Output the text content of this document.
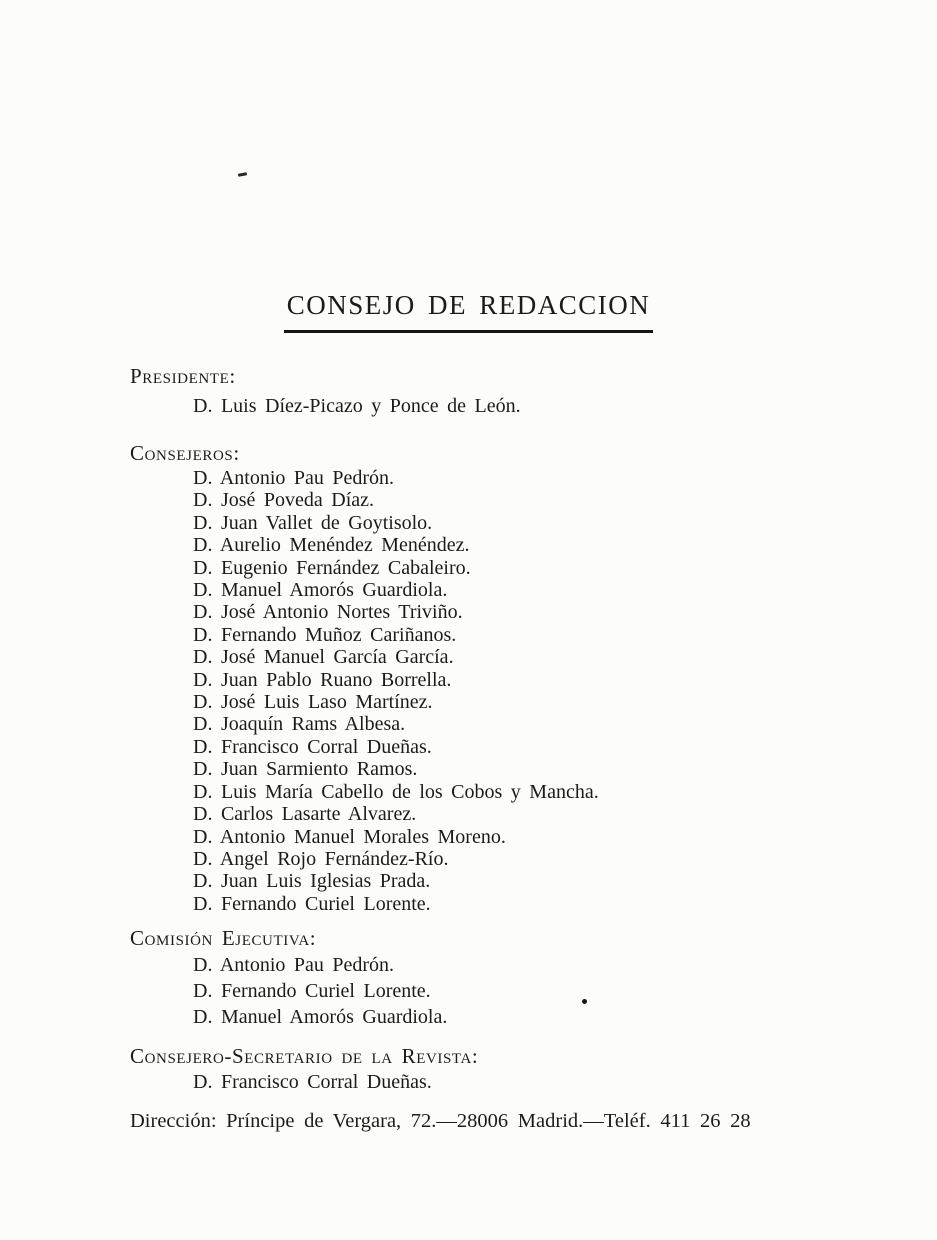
CONSEJO DE REDACCION
Presidente:
D. Luis Díez-Picazo y Ponce de León.
Consejeros:
D. Antonio Pau Pedrón.
D. José Poveda Díaz.
D. Juan Vallet de Goytisolo.
D. Aurelio Menéndez Menéndez.
D. Eugenio Fernández Cabaleiro.
D. Manuel Amorós Guardiola.
D. José Antonio Nortes Triviño.
D. Fernando Muñoz Cariñanos.
D. José Manuel García García.
D. Juan Pablo Ruano Borrella.
D. José Luis Laso Martínez.
D. Joaquín Rams Albesa.
D. Francisco Corral Dueñas.
D. Juan Sarmiento Ramos.
D. Luis María Cabello de los Cobos y Mancha.
D. Carlos Lasarte Alvarez.
D. Antonio Manuel Morales Moreno.
D. Angel Rojo Fernández-Río.
D. Juan Luis Iglesias Prada.
D. Fernando Curiel Lorente.
Comisión Ejecutiva:
D. Antonio Pau Pedrón.
D. Fernando Curiel Lorente.
D. Manuel Amorós Guardiola.
Consejero-Secretario de la Revista:
D. Francisco Corral Dueñas.
Dirección: Príncipe de Vergara, 72.—28006 Madrid.—Teléf. 411 26 28
